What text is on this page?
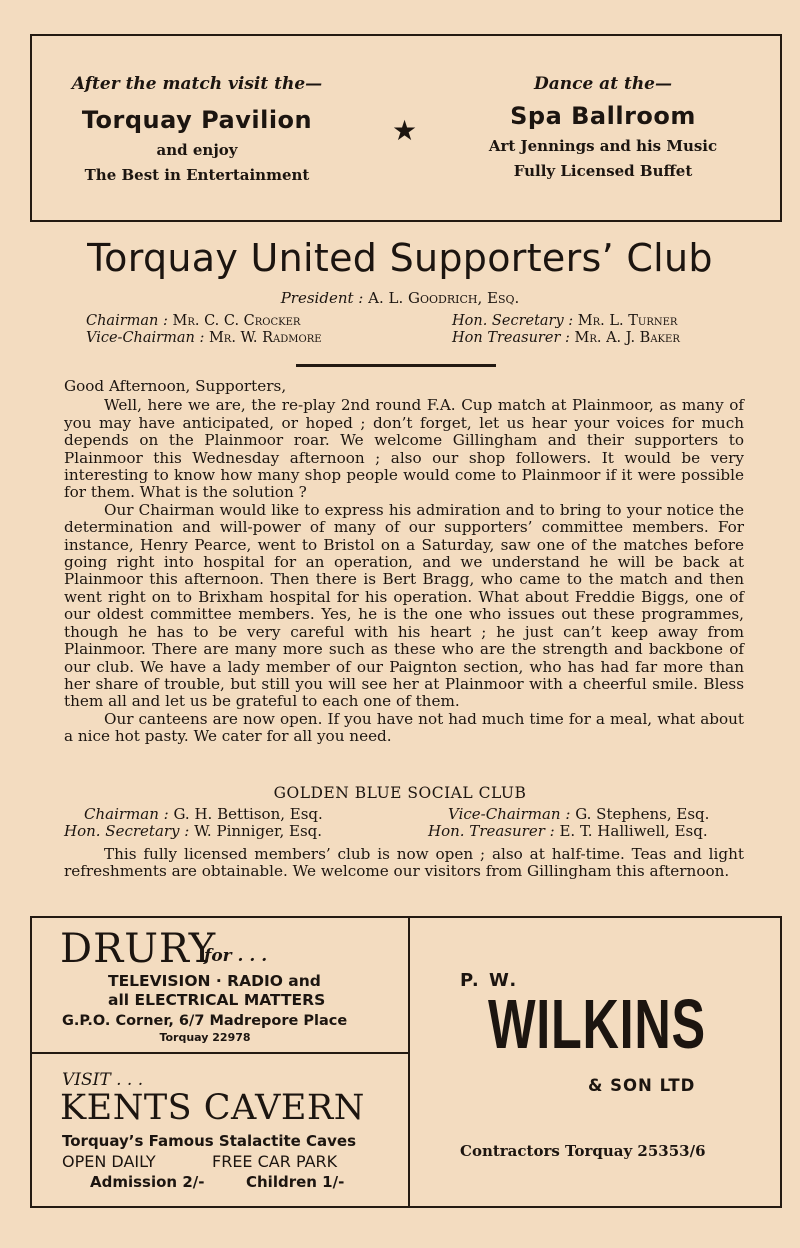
After the match visit the—
Torquay Pavilion
and enjoy
The Best in Entertainment
★
Dance at the—
Spa Ballroom
Art Jennings and his Music
Fully Licensed Buffet
Torquay United Supporters’ Club
President : A. L. Goodrich, Esq.
Chairman : Mr. C. C. Crocker
Vice-Chairman : Mr. W. Radmore
Hon. Secretary : Mr. L. Turner
Hon Treasurer : Mr. A. J. Baker

Good Afternoon, Supporters,

Well, here we are, the re-play 2nd round F.A. Cup match at Plainmoor, as many of you may have anticipated, or hoped ; don’t forget, let us hear your voices for much depends on the Plainmoor roar. We welcome Gillingham and their supporters to Plainmoor this Wednesday afternoon ; also our shop followers. It would be very interesting to know how many shop people would come to Plainmoor if it were possible for them. What is the solution ?

Our Chairman would like to express his admiration and to bring to your notice the determination and will-power of many of our supporters’ committee members. For instance, Henry Pearce, went to Bristol on a Saturday, saw one of the matches before going right into hospital for an operation, and we understand he will be back at Plainmoor this afternoon. Then there is Bert Bragg, who came to the match and then went right on to Brixham hospital for his operation. What about Freddie Biggs, one of our oldest committee members. Yes, he is the one who issues out these programmes, though he has to be very careful with his heart ; he just can’t keep away from Plainmoor. There are many more such as these who are the strength and backbone of our club. We have a lady member of our Paignton section, who has had far more than her share of trouble, but still you will see her at Plainmoor with a cheerful smile. Bless them all and let us be grateful to each one of them.

Our canteens are now open. If you have not had much time for a meal, what about a nice hot pasty. We cater for all you need.

GOLDEN BLUE SOCIAL CLUB
Chairman : G. H. Bettison, Esq.
Hon. Secretary : W. Pinniger, Esq.
Vice-Chairman : G. Stephens, Esq.
Hon. Treasurer : E. T. Halliwell, Esq.

This fully licensed members’ club is now open ; also at half-time. Teas and light refreshments are obtainable. We welcome our visitors from Gillingham this afternoon.

DRURY
for . . .
TELEVISION · RADIO and
all ELECTRICAL MATTERS
G.P.O. Corner, 6/7 Madrepore Place
Torquay 22978
VISIT . . .
KENTS CAVERN
Torquay’s Famous Stalactite Caves
OPEN DAILY	FREE CAR PARK
Admission 2/-	Children 1/-
P. W.
WILKINS
& SON LTD
Contractors Torquay 25353/6
